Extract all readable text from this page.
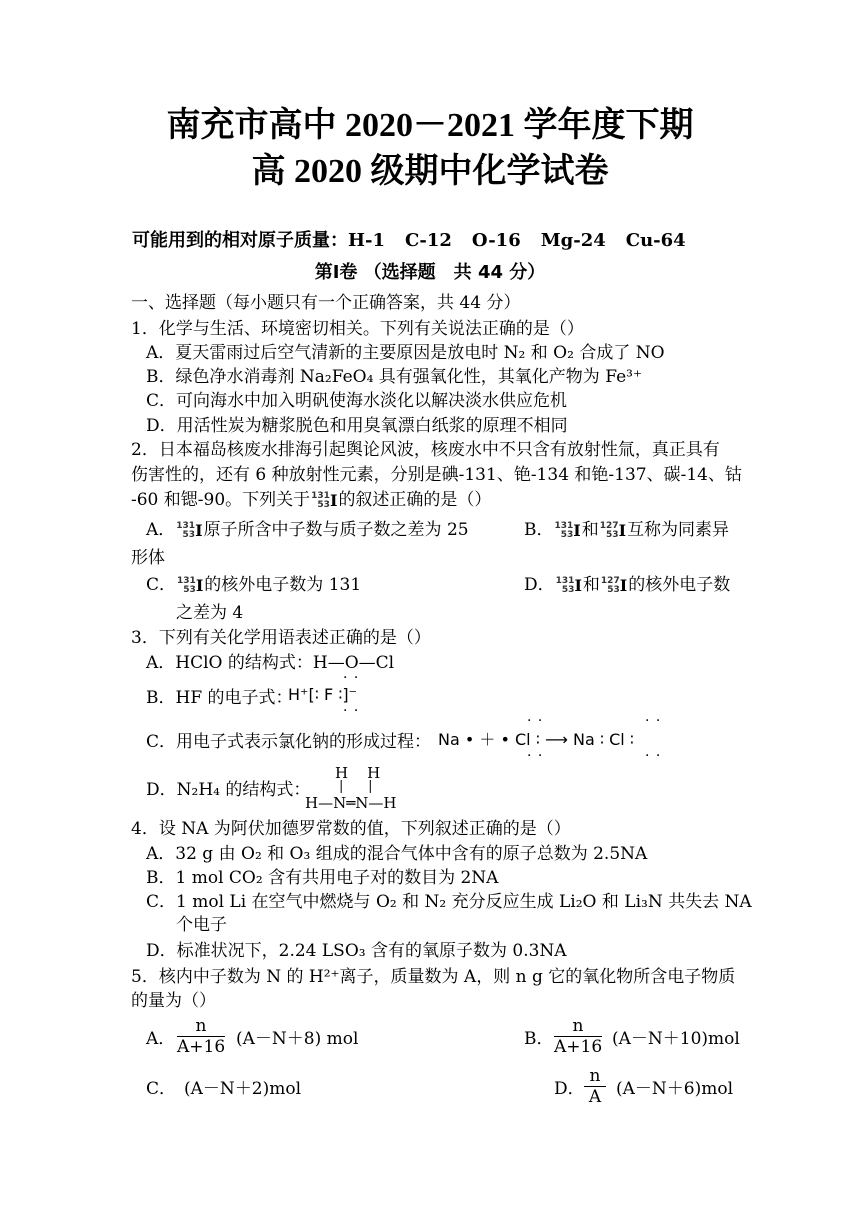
南充市高中 2020－2021 学年度下期
高 2020 级期中化学试卷
可能用到的相对原子质量：H-1 C-12 O-16 Mg-24 Cu-64
第Ⅰ卷 （选择题　共 44 分）
一、选择题（每小题只有一个正确答案，共 44 分）
1．化学与生活、环境密切相关。下列有关说法正确的是（）
A．夏天雷雨过后空气清新的主要原因是放电时 N₂ 和 O₂ 合成了 NO
B．绿色净水消毒剂 Na₂FeO₄ 具有强氧化性，其氧化产物为 Fe³⁺
C．可向海水中加入明矾使海水淡化以解决淡水供应危机
D．用活性炭为糖浆脱色和用臭氧漂白纸浆的原理不相同
2．日本福岛核废水排海引起舆论风波，核废水中不只含有放射性氚，真正具有
伤害性的，还有 6 种放射性元素，分别是碘-131、铯-134 和铯-137、碳-14、钴
-60 和锶-90。下列关于 131
53 I 的叙述正确的是（）
A． 131
53 I 原子所含中子数与质子数之差为 25	B． 131
53 I 和 127
53 I 互称为同素异
形体
C． 131
53 I 的核外电子数为 131	D． 131
53 I 和 127
53 I 的核外电子数
之差为 4
3．下列有关化学用语表述正确的是（）
A．HClO 的结构式：H—O—Cl
B．HF 的电子式：
· ·
H⁺[∶ F ∶]⁻
· ·
C．用电子式表示氯化钠的形成过程：
· ·	· ·
Na • ＋ • Cl ∶ ⟶ Na ∶ Cl ∶
· ·	· ·
D．N₂H₄ 的结构式：
H    H
|      |
H—N═N—H
4．设 NA 为阿伏加德罗常数的值，下列叙述正确的是（）
A．32 g 由 O₂ 和 O₃ 组成的混合气体中含有的原子总数为 2.5NA
B．1 mol CO₂ 含有共用电子对的数目为 2NA
C．1 mol Li 在空气中燃烧与 O₂ 和 N₂ 充分反应生成 Li₂O 和 Li₃N 共失去 NA
个电子
D．标准状况下，2.24 LSO₃ 含有的氧原子数为 0.3NA
5．核内中子数为 N 的 H²⁺离子，质量数为 A，则 n g 它的氧化物所含电子物质
的量为（）
A．
n
A+16 (A－N＋8) mol	B．
n
A+16 (A－N＋10)mol
C． (A－N＋2)mol	D．
n
A (A－N＋6)mol
